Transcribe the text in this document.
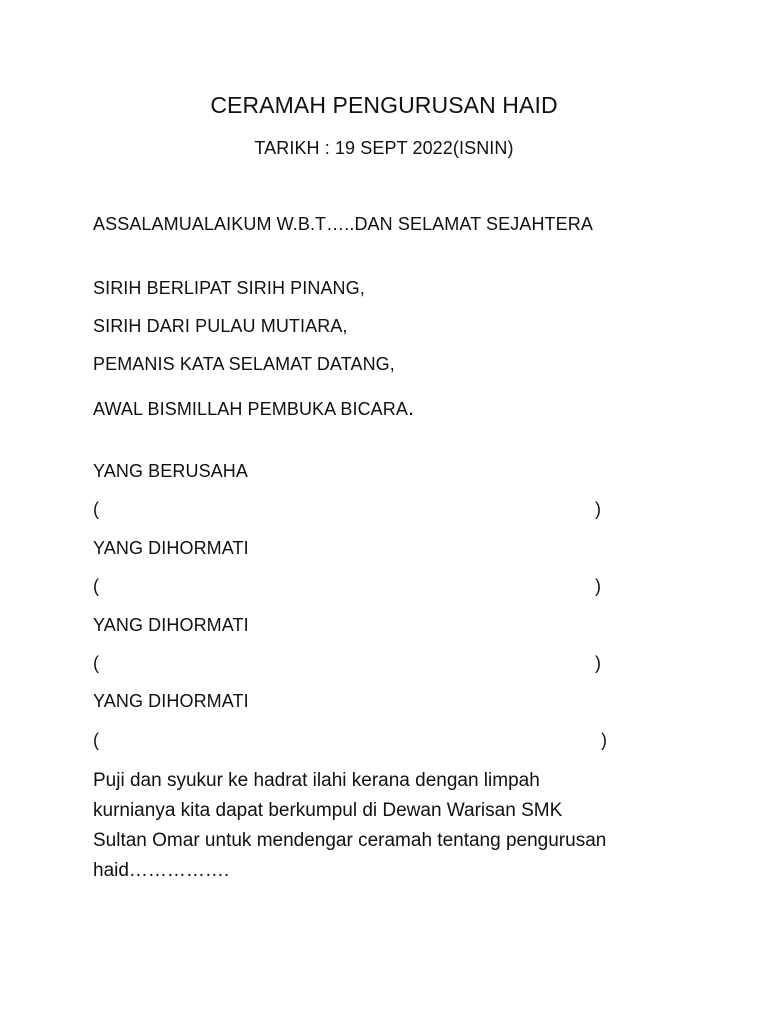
CERAMAH PENGURUSAN HAID
TARIKH : 19 SEPT 2022(ISNIN)
ASSALAMUALAIKUM W.B.T…..DAN SELAMAT SEJAHTERA
SIRIH BERLIPAT SIRIH PINANG,
SIRIH DARI PULAU MUTIARA,
PEMANIS KATA SELAMAT DATANG,
AWAL BISMILLAH PEMBUKA BICARA.
YANG BERUSAHA
(	)
YANG DIHORMATI
(	)
YANG DIHORMATI
(	)
YANG DIHORMATI
(	)
Puji dan syukur ke hadrat ilahi kerana dengan limpah
kurnianya kita dapat berkumpul di Dewan Warisan SMK
Sultan Omar untuk mendengar ceramah tentang pengurusan
haid…………….
